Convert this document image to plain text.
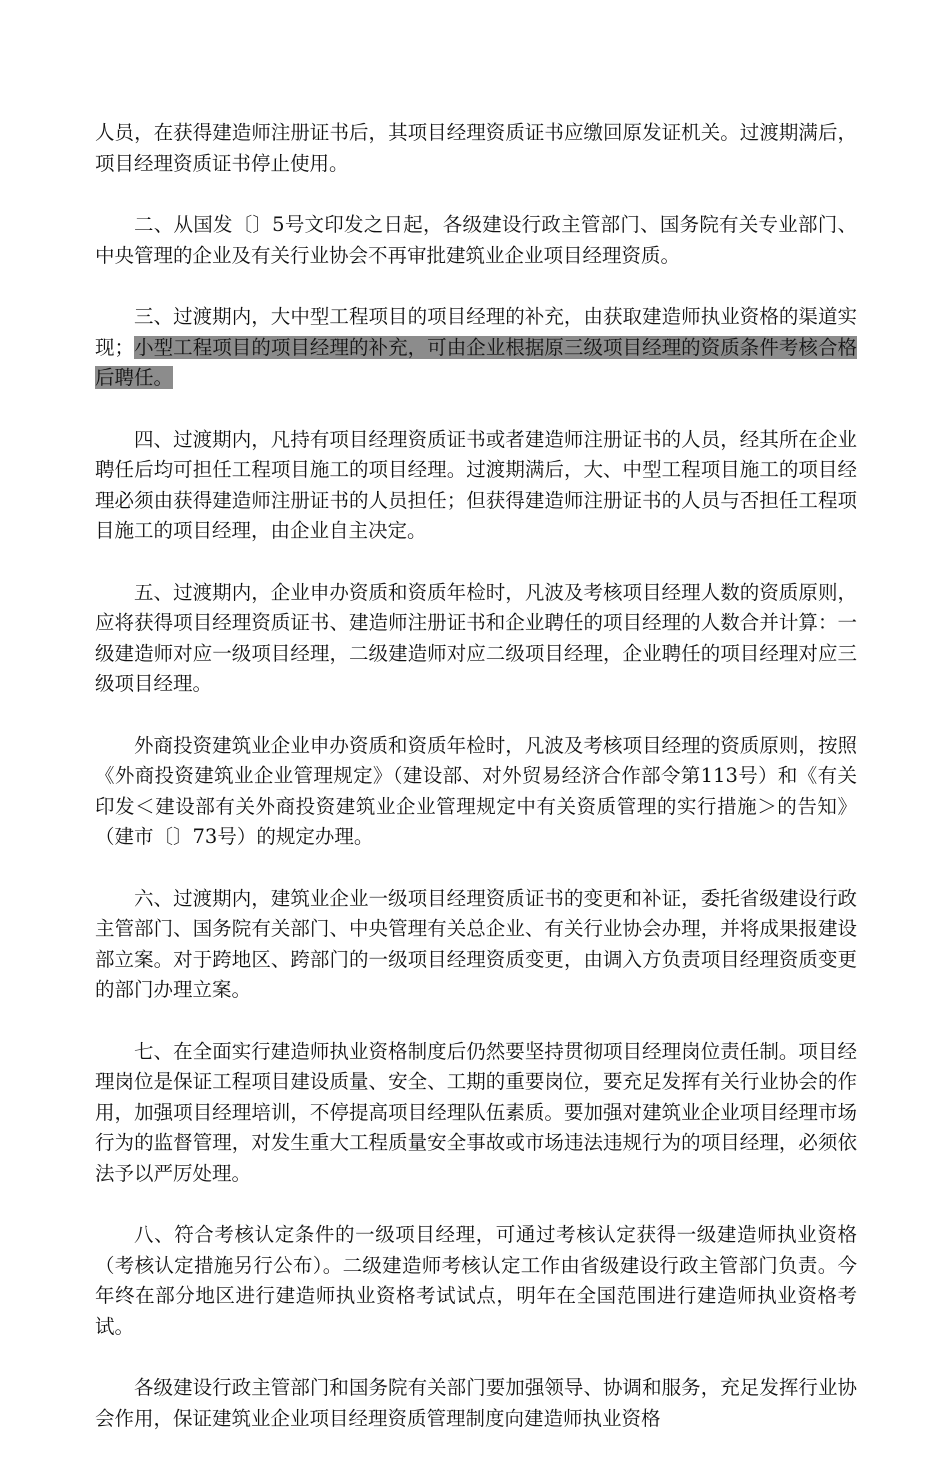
人员，在获得建造师注册证书后，其项目经理资质证书应缴回原发证机关。过渡期满后，项目经理资质证书停止使用。

二、从国发〔〕5号文印发之日起，各级建设行政主管部门、国务院有关专业部门、中央管理的企业及有关行业协会不再审批建筑业企业项目经理资质。

三、过渡期内，大中型工程项目的项目经理的补充，由获取建造师执业资格的渠道实现；小型工程项目的项目经理的补充，可由企业根据原三级项目经理的资质条件考核合格后聘任。

四、过渡期内，凡持有项目经理资质证书或者建造师注册证书的人员，经其所在企业聘任后均可担任工程项目施工的项目经理。过渡期满后，大、中型工程项目施工的项目经理必须由获得建造师注册证书的人员担任；但获得建造师注册证书的人员与否担任工程项目施工的项目经理，由企业自主决定。

五、过渡期内，企业申办资质和资质年检时，凡波及考核项目经理人数的资质原则，应将获得项目经理资质证书、建造师注册证书和企业聘任的项目经理的人数合并计算：一级建造师对应一级项目经理，二级建造师对应二级项目经理，企业聘任的项目经理对应三级项目经理。

外商投资建筑业企业申办资质和资质年检时，凡波及考核项目经理的资质原则，按照《外商投资建筑业企业管理规定》（建设部、对外贸易经济合作部令第113号）和《有关印发＜建设部有关外商投资建筑业企业管理规定中有关资质管理的实行措施＞的告知》（建市〔〕73号）的规定办理。

六、过渡期内，建筑业企业一级项目经理资质证书的变更和补证，委托省级建设行政主管部门、国务院有关部门、中央管理有关总企业、有关行业协会办理，并将成果报建设部立案。对于跨地区、跨部门的一级项目经理资质变更，由调入方负责项目经理资质变更的部门办理立案。

七、在全面实行建造师执业资格制度后仍然要坚持贯彻项目经理岗位责任制。项目经理岗位是保证工程项目建设质量、安全、工期的重要岗位，要充足发挥有关行业协会的作用，加强项目经理培训，不停提高项目经理队伍素质。要加强对建筑业企业项目经理市场行为的监督管理，对发生重大工程质量安全事故或市场违法违规行为的项目经理，必须依法予以严厉处理。

八、符合考核认定条件的一级项目经理，可通过考核认定获得一级建造师执业资格（考核认定措施另行公布）。二级建造师考核认定工作由省级建设行政主管部门负责。今年终在部分地区进行建造师执业资格考试试点，明年在全国范围进行建造师执业资格考试。

各级建设行政主管部门和国务院有关部门要加强领导、协调和服务，充足发挥行业协会作用，保证建筑业企业项目经理资质管理制度向建造师执业资格
